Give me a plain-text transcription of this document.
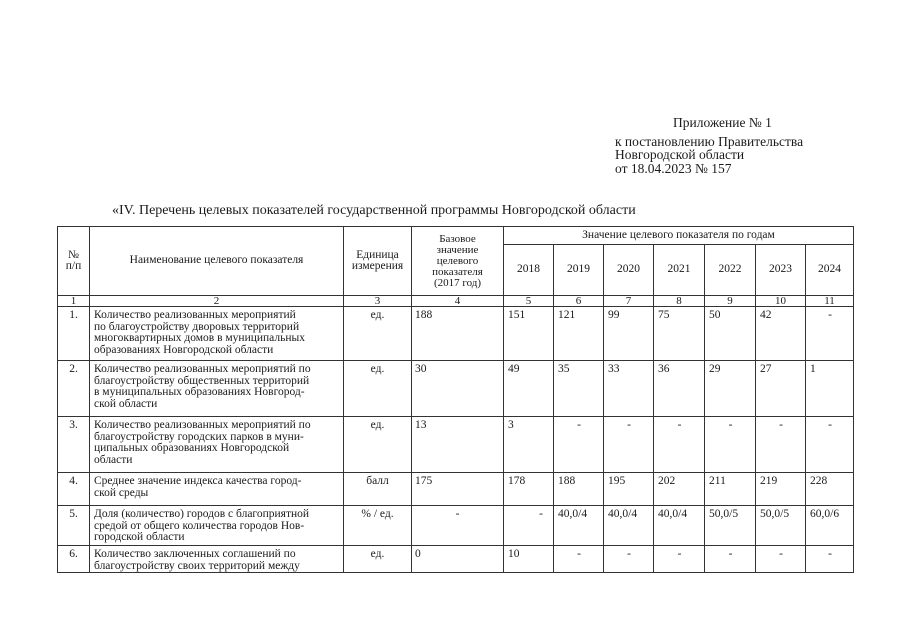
Приложение № 1
к постановлению Правительства
Новгородской области
от 18.04.2023 № 157
«IV. Перечень целевых показателей государственной программы Новгородской области
№
п/п	Наименование целевого показателя	Единица
измерения	Базовое
значение
целевого
показателя
(2017 год)	Значение целевого показателя по годам						
				2018	2019	2020	2021	2022	2023	2024
1	2	3	4	5	6	7	8	9	10	11
1.	Количество реализованных мероприятий
по благоустройству дворовых территорий
многоквартирных домов в муниципальных
образованиях Новгородской области	ед.	188	151	121	99	75	50	42	-
2.	Количество реализованных мероприятий по
благоустройству общественных территорий
в муниципальных образованиях Новгород-
ской области	ед.	30	49	35	33	36	29	27	1
3.	Количество реализованных мероприятий по
благоустройству городских парков в муни-
ципальных образованиях Новгородской
области	ед.	13	3	-	-	-	-	-	-
4.	Среднее значение индекса качества город-
ской среды	балл	175	178	188	195	202	211	219	228
5.	Доля (количество) городов с благоприятной
средой от общего количества городов Нов-
городской области	% / ед.	-	-	40,0/4	40,0/4	40,0/4	50,0/5	50,0/5	60,0/6
6.	Количество заключенных соглашений по
благоустройству своих территорий между	ед.	0	10	-	-	-	-	-	-
